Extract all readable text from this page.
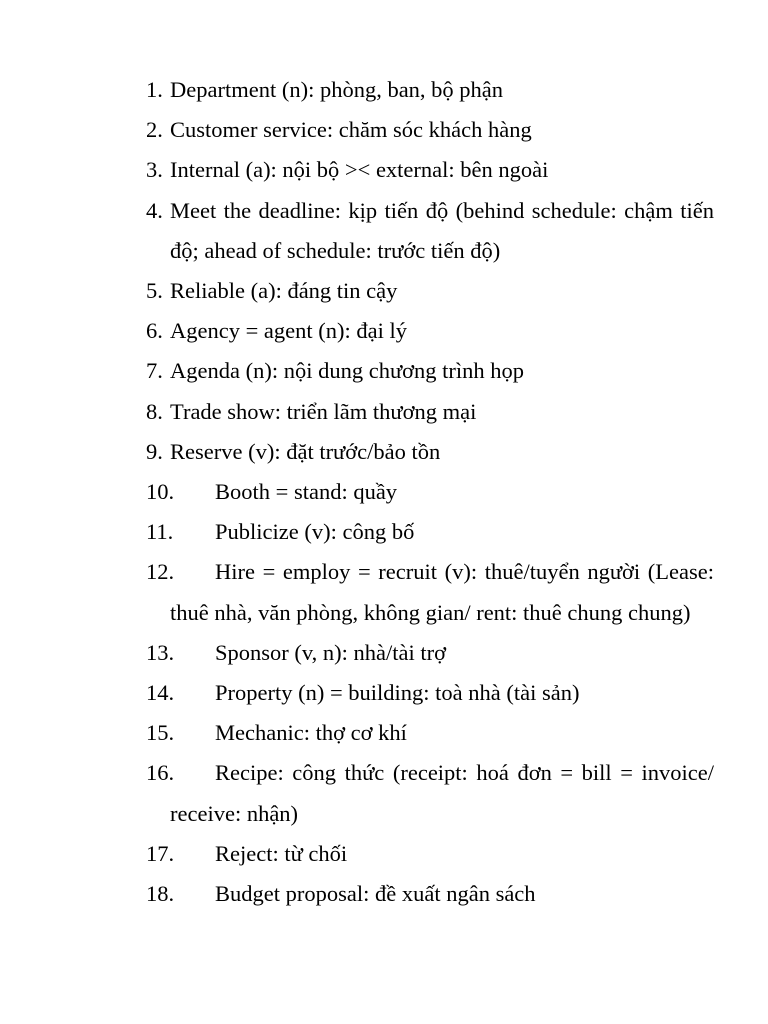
1. Department (n): phòng, ban, bộ phận
2. Customer service: chăm sóc khách hàng
3. Internal (a): nội bộ >< external: bên ngoài
4. Meet the deadline: kịp tiến độ (behind schedule: chậm tiến độ; ahead of schedule: trước tiến độ)
5. Reliable (a): đáng tin cậy
6. Agency = agent (n): đại lý
7. Agenda (n): nội dung chương trình họp
8. Trade show: triển lãm thương mại
9. Reserve (v): đặt trước/bảo tồn
10. Booth = stand: quầy
11. Publicize (v): công bố
12. Hire = employ = recruit (v): thuê/tuyển người (Lease: thuê nhà, văn phòng, không gian/ rent: thuê chung chung)
13. Sponsor (v, n): nhà/tài trợ
14. Property (n) = building: toà nhà (tài sản)
15. Mechanic: thợ cơ khí
16. Recipe: công thức (receipt: hoá đơn = bill = invoice/ receive: nhận)
17. Reject: từ chối
18. Budget proposal: đề xuất ngân sách
